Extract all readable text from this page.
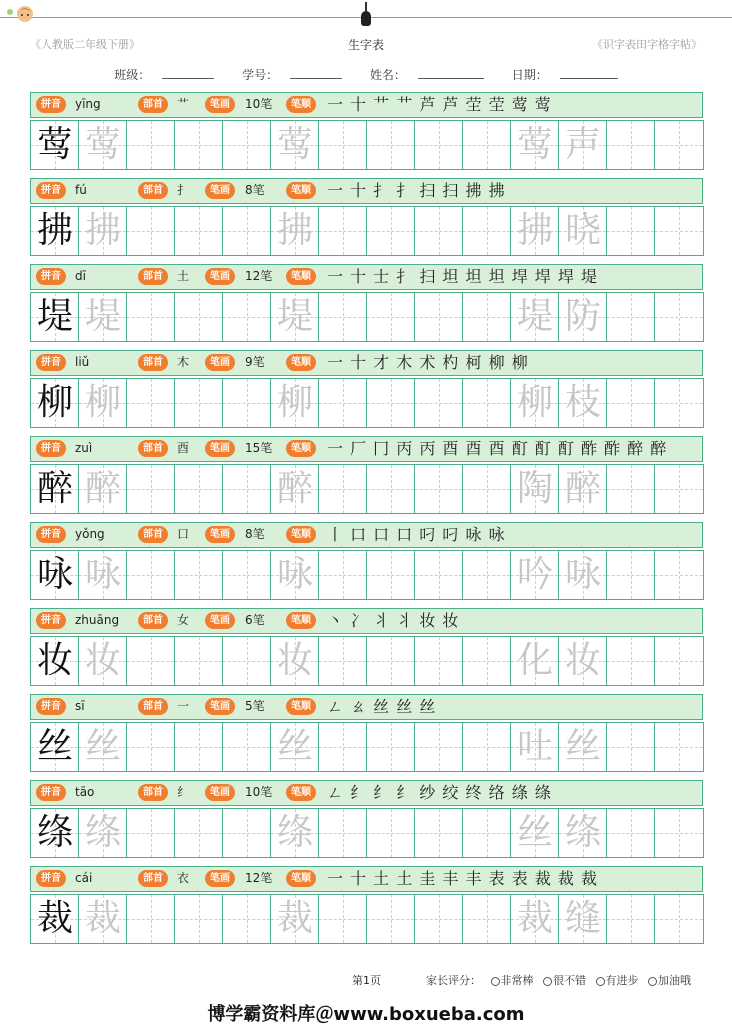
《人教版二年级下册》	生字表	《识字表田字格字帖》
班级：	学号：	姓名：	日期：
拼音	yīng	部首	艹	笔画	10笔	笔顺	一 十 艹 艹 芦 芦 茔 茔 莺 莺
莺 莺	莺	莺 声
拼音	fú	部首	扌	笔画	8笔	笔顺	一 十 扌 扌 扫 扫 拂 拂
拂 拂	拂	拂 晓
拼音	dī	部首	土	笔画	12笔	笔顺	一 十 士 扌 扫 坦 坦 坦 垾 垾 垾 堤
堤 堤	堤	堤 防
拼音	liǔ	部首	木	笔画	9笔	笔顺	一 十 才 木 术 杓 柯 柳 柳
柳 柳	柳	柳 枝
拼音	zuì	部首	酉	笔画	15笔	笔顺	一 厂 冂 丙 丙 酉 酉 酉 酊 酊 酊 酢 酢 醉 醉
醉 醉	醉	陶 醉
拼音	yǒng	部首	口	笔画	8笔	笔顺	丨 口 口 口 叼 叼 咏 咏
咏 咏	咏	吟 咏
拼音	zhuāng	部首	女	笔画	6笔	笔顺	丶 冫 丬 丬 妆 妆
妆 妆	妆	化 妆
拼音	sī	部首	一	笔画	5笔	笔顺	ㄥ ㄠ 丝 丝 丝
丝 丝	丝	吐 丝
拼音	tāo	部首	纟	笔画	10笔	笔顺	ㄥ 纟 纟 纟 纱 绞 终 络 绦 绦
绦 绦	绦	丝 绦
拼音	cái	部首	衣	笔画	12笔	笔顺	一 十 土 土 圭 丰 丰 表 表 裁 裁 裁
裁 裁	裁	裁 缝
第1页	家长评分： 非常棒 很不错 有进步 加油哦
博学霸资料库＠www.boxueba.com
